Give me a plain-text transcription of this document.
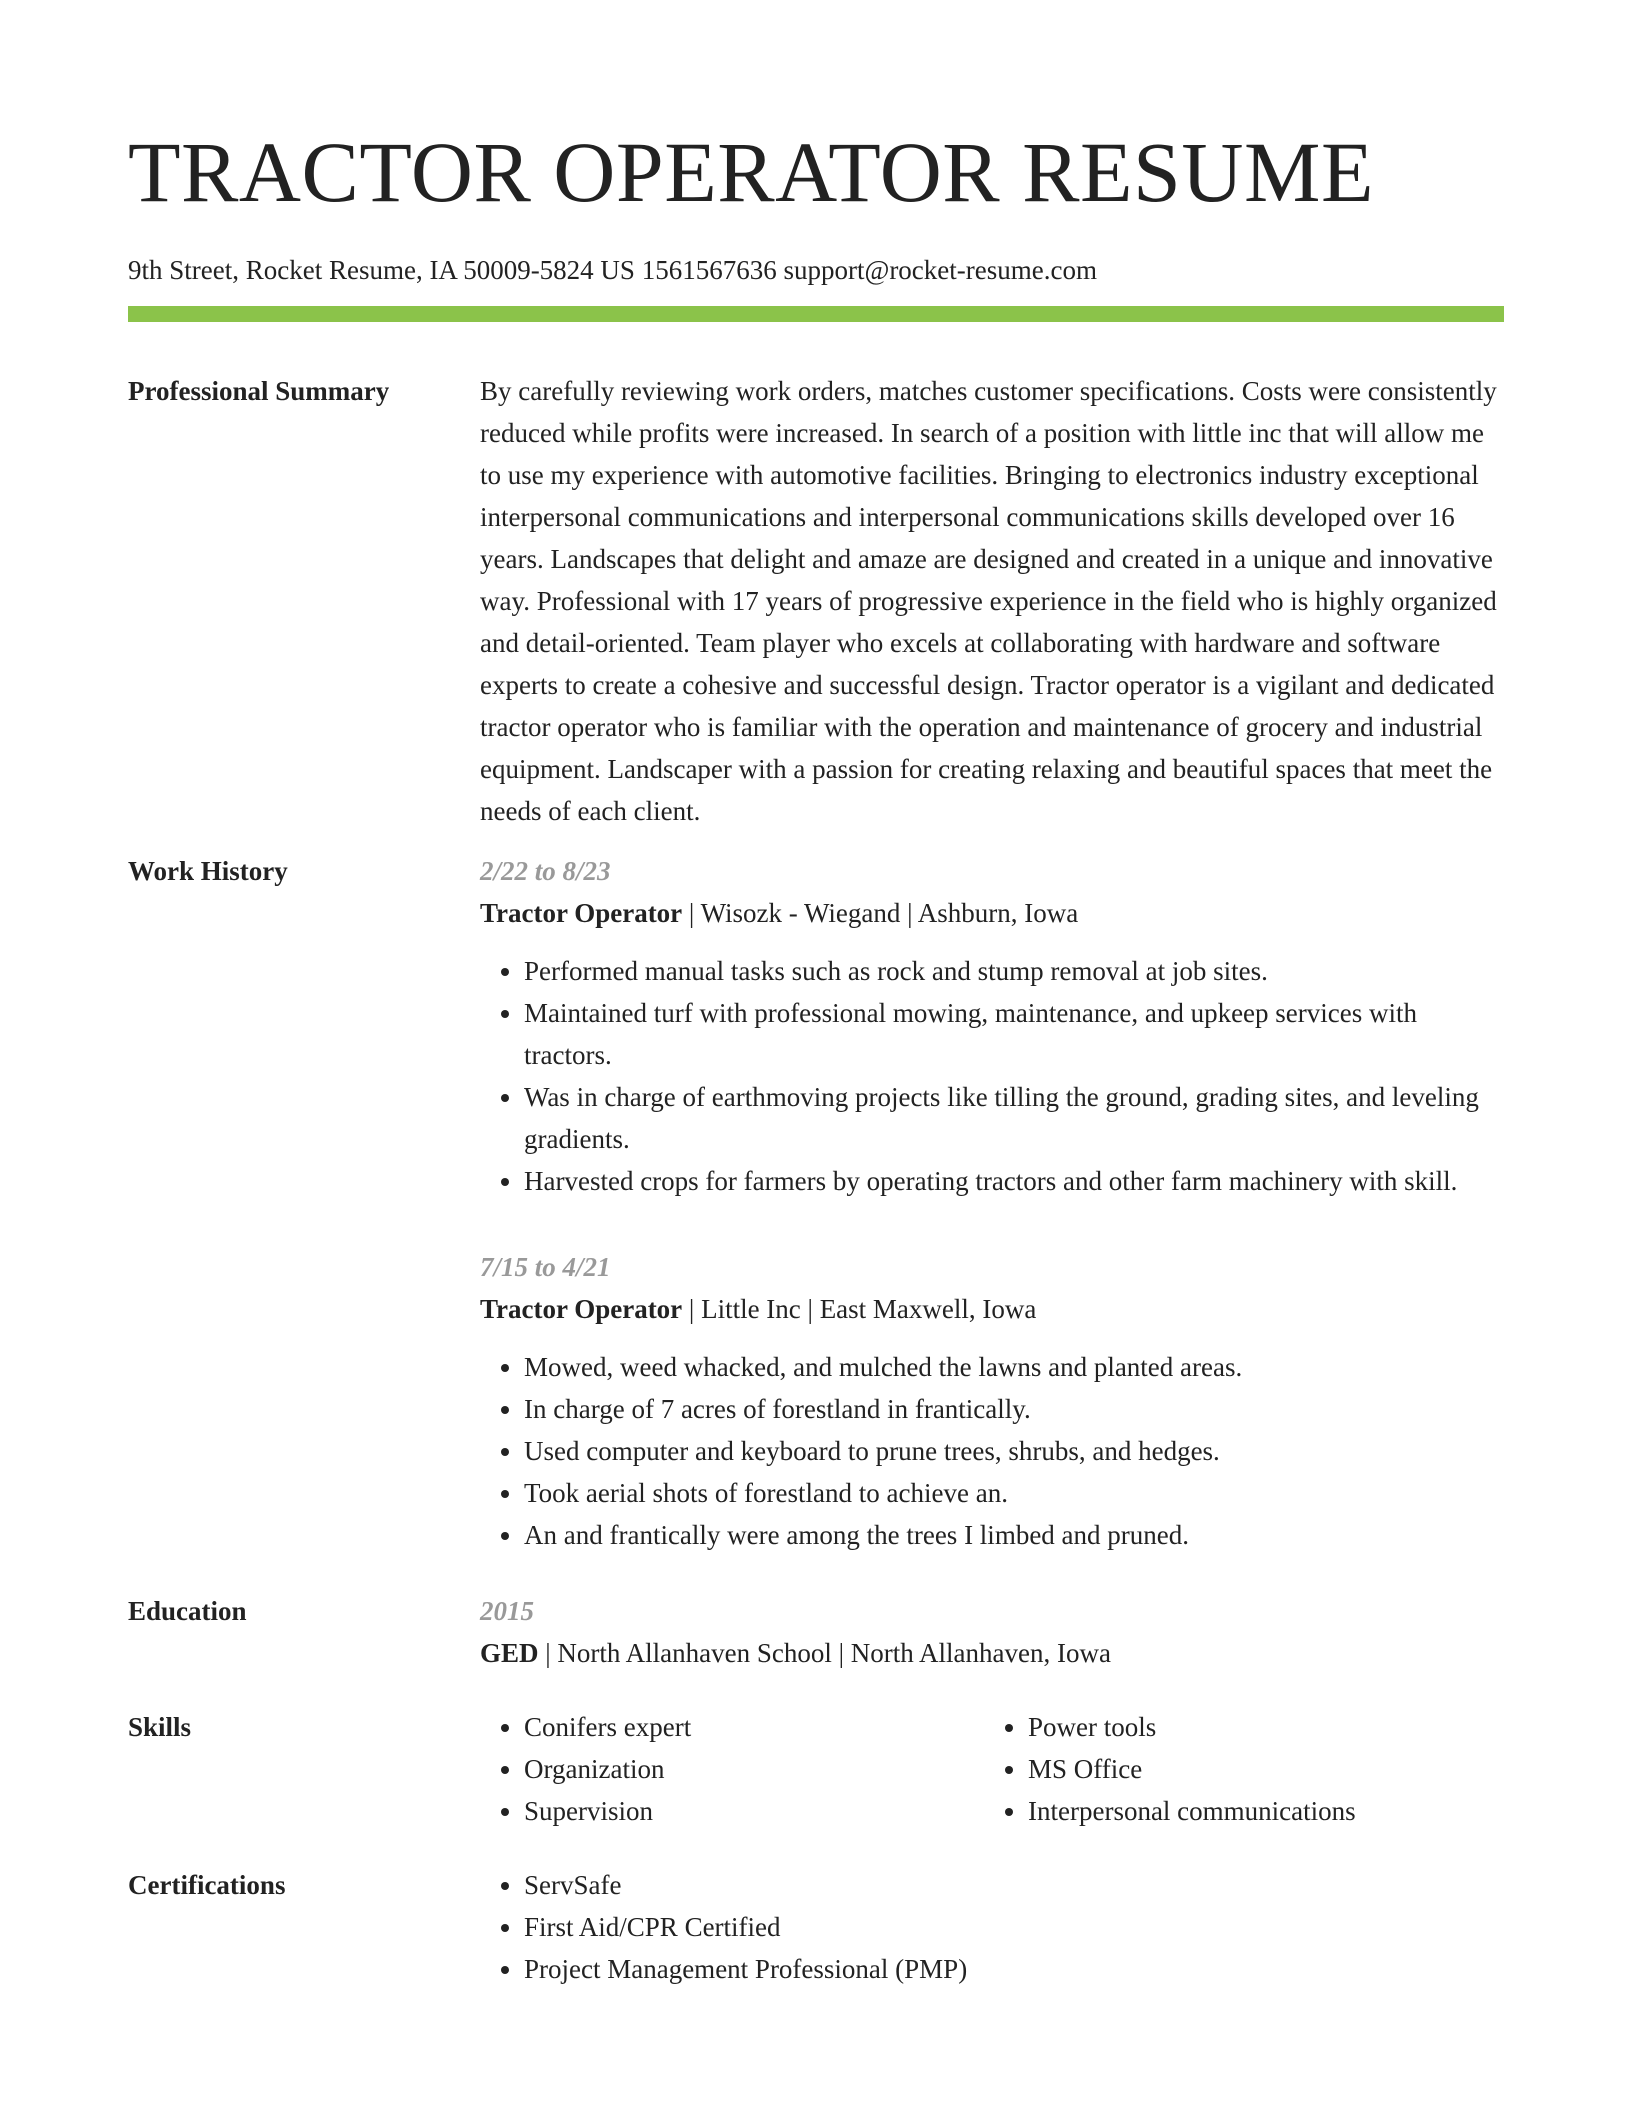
TRACTOR OPERATOR RESUME
9th Street, Rocket Resume, IA 50009-5824 US 1561567636 support@rocket-resume.com
Professional Summary	By carefully reviewing work orders, matches customer specifications. Costs were consistently reduced while profits were increased. In search of a position with little inc that will allow me to use my experience with automotive facilities. Bringing to electronics industry exceptional interpersonal communications and interpersonal communications skills developed over 16 years. Landscapes that delight and amaze are designed and created in a unique and innovative way. Professional with 17 years of progressive experience in the field who is highly organized and detail-oriented. Team player who excels at collaborating with hardware and software experts to create a cohesive and successful design. Tractor operator is a vigilant and dedicated tractor operator who is familiar with the operation and maintenance of grocery and industrial equipment. Landscaper with a passion for creating relaxing and beautiful spaces that meet the needs of each client.
Work History	2/22 to 8/23
Tractor Operator | Wisozk - Wiegand | Ashburn, Iowa
• Performed manual tasks such as rock and stump removal at job sites.
• Maintained turf with professional mowing, maintenance, and upkeep services with tractors.
• Was in charge of earthmoving projects like tilling the ground, grading sites, and leveling gradients.
• Harvested crops for farmers by operating tractors and other farm machinery with skill.
7/15 to 4/21
Tractor Operator | Little Inc | East Maxwell, Iowa
• Mowed, weed whacked, and mulched the lawns and planted areas.
• In charge of 7 acres of forestland in frantically.
• Used computer and keyboard to prune trees, shrubs, and hedges.
• Took aerial shots of forestland to achieve an.
• An and frantically were among the trees I limbed and pruned.
Education	2015
GED | North Allanhaven School | North Allanhaven, Iowa
Skills	• Conifers expert
• Organization
• Supervision
• Power tools
• MS Office
• Interpersonal communications
Certifications	• ServSafe
• First Aid/CPR Certified
• Project Management Professional (PMP)
